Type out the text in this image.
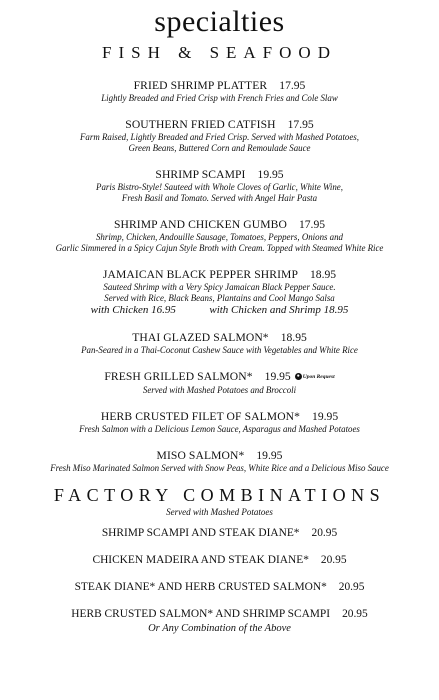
specialties
FISH & SEAFOOD
FRIED SHRIMP PLATTER 17.95
Lightly Breaded and Fried Crisp with French Fries and Cole Slaw
SOUTHERN FRIED CATFISH 17.95
Farm Raised, Lightly Breaded and Fried Crisp. Served with Mashed Potatoes,
Green Beans, Buttered Corn and Remoulade Sauce
SHRIMP SCAMPI 19.95
Paris Bistro-Style! Sauteed with Whole Cloves of Garlic, White Wine,
Fresh Basil and Tomato. Served with Angel Hair Pasta
SHRIMP AND CHICKEN GUMBO 17.95
Shrimp, Chicken, Andouille Sausage, Tomatoes, Peppers, Onions and
Garlic Simmered in a Spicy Cajun Style Broth with Cream. Topped with Steamed White Rice
JAMAICAN BLACK PEPPER SHRIMP 18.95
Sauteed Shrimp with a Very Spicy Jamaican Black Pepper Sauce.
Served with Rice, Black Beans, Plantains and Cool Mango Salsa
with Chicken 16.95	with Chicken and Shrimp 18.95
THAI GLAZED SALMON* 18.95
Pan-Seared in a Thai-Coconut Cashew Sauce with Vegetables and White Rice
FRESH GRILLED SALMON* 19.95 ● Upon Request
Served with Mashed Potatoes and Broccoli
HERB CRUSTED FILET OF SALMON* 19.95
Fresh Salmon with a Delicious Lemon Sauce, Asparagus and Mashed Potatoes
MISO SALMON* 19.95
Fresh Miso Marinated Salmon Served with Snow Peas, White Rice and a Delicious Miso Sauce
FACTORY COMBINATIONS
Served with Mashed Potatoes
SHRIMP SCAMPI AND STEAK DIANE* 20.95
CHICKEN MADEIRA AND STEAK DIANE* 20.95
STEAK DIANE* AND HERB CRUSTED SALMON* 20.95
HERB CRUSTED SALMON* AND SHRIMP SCAMPI 20.95
Or Any Combination of the Above
